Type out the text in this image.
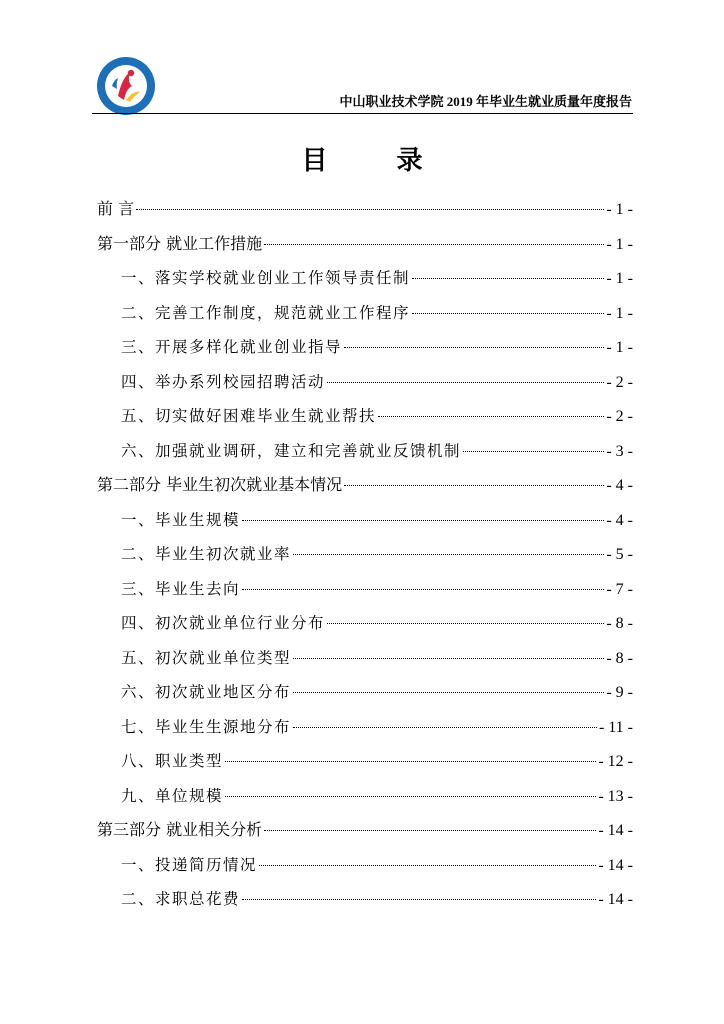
中山职业技术学院 2019 年毕业生就业质量年度报告
目 录
前 言	- 1 -
第一部分 就业工作措施	- 1 -
一、落实学校就业创业工作领导责任制	- 1 -
二、完善工作制度，规范就业工作程序	- 1 -
三、开展多样化就业创业指导	- 1 -
四、举办系列校园招聘活动	- 2 -
五、切实做好困难毕业生就业帮扶	- 2 -
六、加强就业调研，建立和完善就业反馈机制	- 3 -
第二部分 毕业生初次就业基本情况	- 4 -
一、毕业生规模	- 4 -
二、毕业生初次就业率	- 5 -
三、毕业生去向	- 7 -
四、初次就业单位行业分布	- 8 -
五、初次就业单位类型	- 8 -
六、初次就业地区分布	- 9 -
七、毕业生生源地分布	- 11 -
八、职业类型	- 12 -
九、单位规模	- 13 -
第三部分 就业相关分析	- 14 -
一、投递简历情况	- 14 -
二、求职总花费	- 14 -
